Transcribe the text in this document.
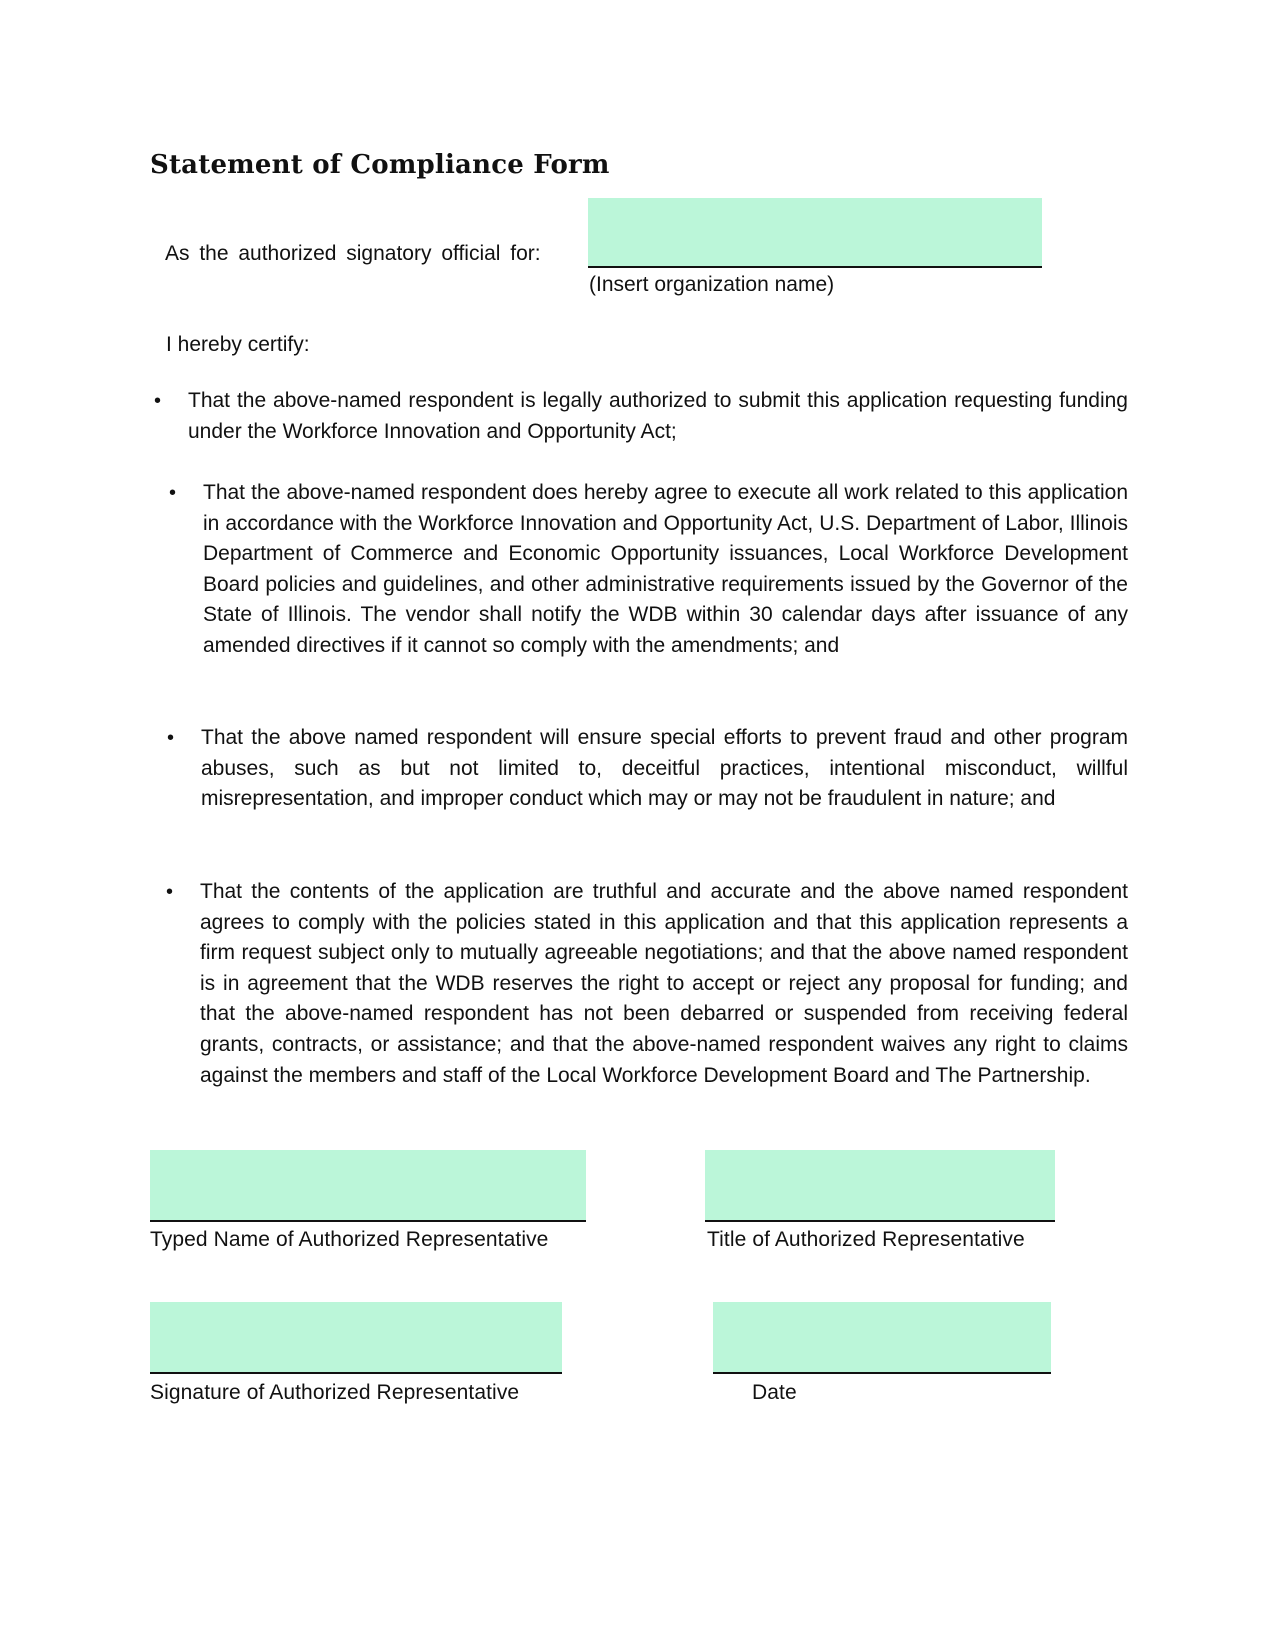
Statement of Compliance Form
As the authorized signatory official for:
(Insert organization name)
I hereby certify:
• That the above-named respondent is legally authorized to submit this application requesting funding under the Workforce Innovation and Opportunity Act;

• That the above-named respondent does hereby agree to execute all work related to this application in accordance with the Workforce Innovation and Opportunity Act, U.S. Department of Labor, Illinois Department of Commerce and Economic Opportunity issuances, Local Workforce Development Board policies and guidelines, and other administrative requirements issued by the Governor of the State of Illinois. The vendor shall notify the WDB within 30 calendar days after issuance of any amended directives if it cannot so comply with the amendments; and

• That the above named respondent will ensure special efforts to prevent fraud and other program abuses, such as but not limited to, deceitful practices, intentional misconduct, willful misrepresentation, and improper conduct which may or may not be fraudulent in nature; and

• That the contents of the application are truthful and accurate and the above named respondent agrees to comply with the policies stated in this application and that this application represents a firm request subject only to mutually agreeable negotiations; and that the above named respondent is in agreement that the WDB reserves the right to accept or reject any proposal for funding; and that the above-named respondent has not been debarred or suspended from receiving federal grants, contracts, or assistance; and that the above-named respondent waives any right to claims against the members and staff of the Local Workforce Development Board and The Partnership.

Typed Name of Authorized Representative	Title of Authorized Representative
Signature of Authorized Representative	Date
